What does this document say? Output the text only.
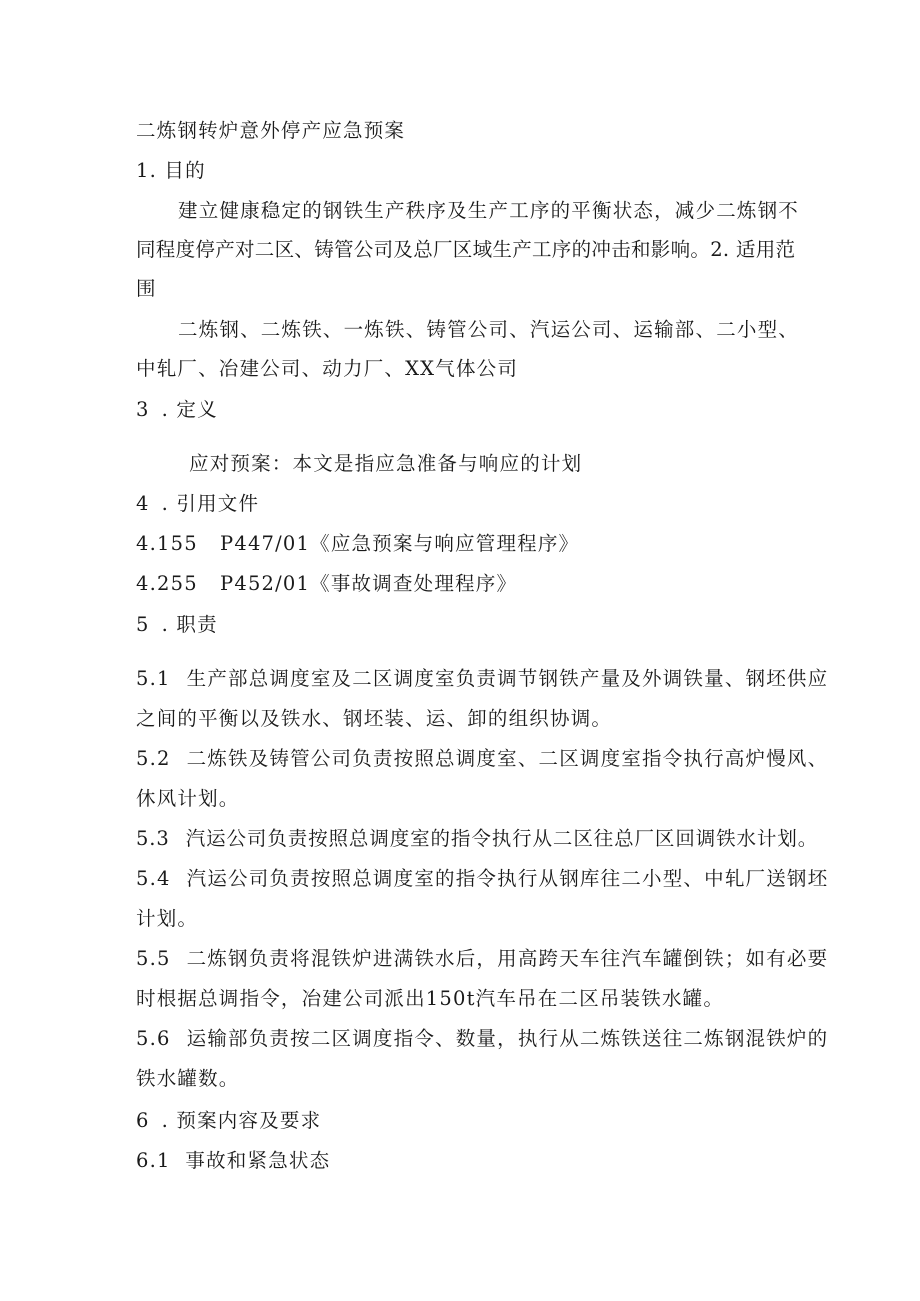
二炼钢转炉意外停产应急预案
1. 目的
建立健康稳定的钢铁生产秩序及生产工序的平衡状态，减少二炼钢不
同程度停产对二区、铸管公司及总厂区域生产工序的冲击和影响。2. 适用范
围
二炼钢、二炼铁、一炼铁、铸管公司、汽运公司、运输部、二小型、
中轧厂、冶建公司、动力厂、XX气体公司
3 . 定义
应对预案：本文是指应急准备与响应的计划
4 . 引用文件
4.155   P447/01《应急预案与响应管理程序》
4.255   P452/01《事故调查处理程序》
5 . 职责
5.1 生产部总调度室及二区调度室负责调节钢铁产量及外调铁量、钢坯供应
之间的平衡以及铁水、钢坯装、运、卸的组织协调。
5.2 二炼铁及铸管公司负责按照总调度室、二区调度室指令执行高炉慢风、
休风计划。
5.3 汽运公司负责按照总调度室的指令执行从二区往总厂区回调铁水计划。
5.4 汽运公司负责按照总调度室的指令执行从钢库往二小型、中轧厂送钢坯
计划。
5.5 二炼钢负责将混铁炉进满铁水后，用高跨天车往汽车罐倒铁；如有必要
时根据总调指令，冶建公司派出150t汽车吊在二区吊装铁水罐。
5.6 运输部负责按二区调度指令、数量，执行从二炼铁送往二炼钢混铁炉的
铁水罐数。
6 . 预案内容及要求
6.1  事故和紧急状态
